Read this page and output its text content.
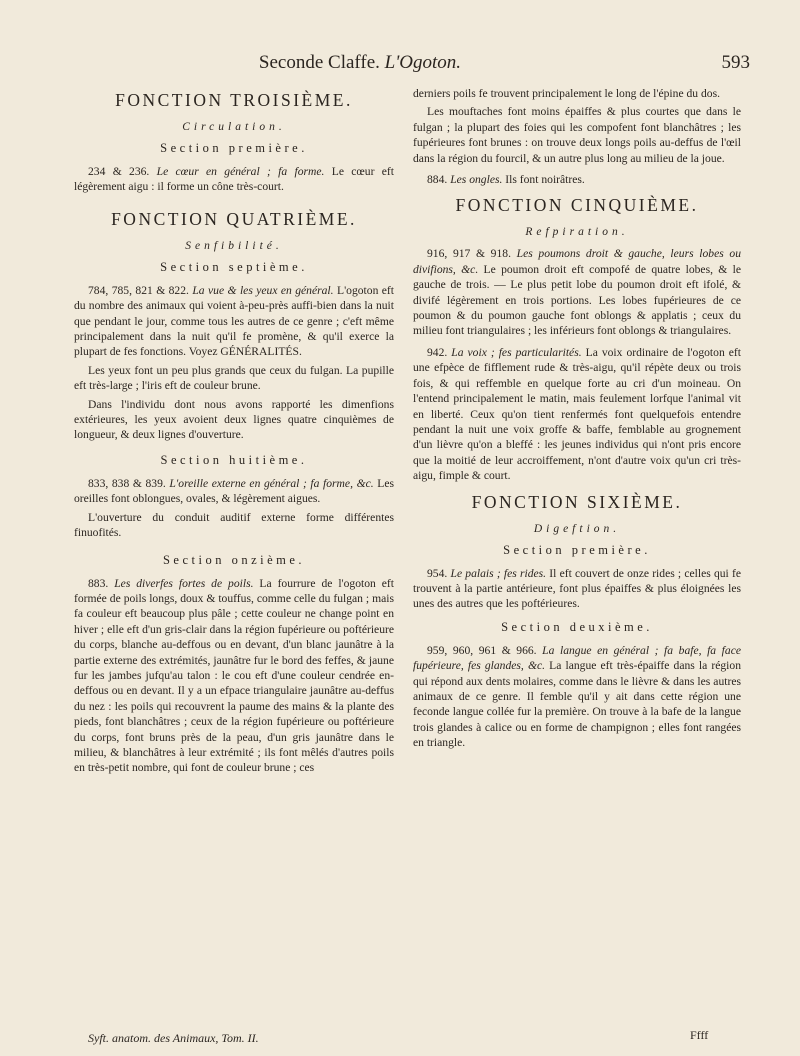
Seconde Claffe. L'Ogoton.	593
FONCTION TROISIÈME.
Circulation.
Section première.

234 & 236. Le cœur en général ; fa forme. Le cœur eft légèrement aigu : il forme un cône très-court.

FONCTION QUATRIÈME.
Senfibilité.
Section septième.

784, 785, 821 & 822. La vue & les yeux en général. L'ogoton eft du nombre des animaux qui voient à-peu-près auffi-bien dans la nuit que pendant le jour, comme tous les autres de ce genre ; c'eft même principalement dans la nuit qu'il fe promène, & qu'il exerce la plupart de fes fonctions. Voyez GÉNÉRALITÉS.

Les yeux font un peu plus grands que ceux du fulgan. La pupille eft très-large ; l'iris eft de couleur brune.

Dans l'individu dont nous avons rapporté les dimenfions extérieures, les yeux avoient deux lignes quatre cinquièmes de longueur, & deux lignes d'ouverture.

Section huitième.

833, 838 & 839. L'oreille externe en général ; fa forme, &c. Les oreilles font oblongues, ovales, & légèrement aigues.

L'ouverture du conduit auditif externe forme différentes finuofités.

Section onzième.

883. Les diverfes fortes de poils. La fourrure de l'ogoton eft formée de poils longs, doux & touffus, comme celle du fulgan ; mais fa couleur eft beaucoup plus pâle ; cette couleur ne change point en hiver ; elle eft d'un gris-clair dans la région fupérieure ou poftérieure du corps, blanche au-deffous ou en devant, d'un blanc jaunâtre à la partie externe des extrémités, jaunâtre fur le bord des feffes, & jaune fur les jambes jufqu'au talon : le cou eft d'une couleur cendrée en-deffous ou en devant. Il y a un efpace triangulaire jaunâtre au-deffus du nez : les poils qui recouvrent la paume des mains & la plante des pieds, font blanchâtres ; ceux de la région fupérieure ou poftérieure du corps, font bruns près de la peau, d'un gris jaunâtre dans le milieu, & blanchâtres à leur extrémité ; ils font mêlés d'autres poils en très-petit nombre, qui font de couleur brune ; ces

derniers poils fe trouvent principalement le long de l'épine du dos.

Les mouftaches font moins épaiffes & plus courtes que dans le fulgan ; la plupart des foies qui les compofent font blanchâtres ; les fupérieures font brunes : on trouve deux longs poils au-deffus de l'œil dans la région du fourcil, & un autre plus long au milieu de la joue.

884. Les ongles. Ils font noirâtres.

FONCTION CINQUIÈME.
Refpiration.

916, 917 & 918. Les poumons droit & gauche, leurs lobes ou divifions, &c. Le poumon droit eft compofé de quatre lobes, & le gauche de trois. — Le plus petit lobe du poumon droit eft ifolé, & divifé légèrement en trois portions. Les lobes fupérieures de ce poumon & du poumon gauche font oblongs & applatis ; ceux du milieu font triangulaires ; les inférieurs font oblongs & triangulaires.

942. La voix ; fes particularités. La voix ordinaire de l'ogoton eft une efpèce de fifflement rude & très-aigu, qu'il répète deux ou trois fois, & qui reffemble en quelque forte au cri d'un moineau. On l'entend principalement le matin, mais feulement lorfque l'animal vit en liberté. Ceux qu'on tient renfermés font quelquefois entendre pendant la nuit une voix groffe & baffe, femblable au grognement d'un lièvre qu'on a bleffé : les jeunes individus qui n'ont pris encore que la moitié de leur accroiffement, n'ont d'autre voix qu'un cri très-aigu, fimple & court.

FONCTION SIXIÈME.
Digeftion.
Section première.

954. Le palais ; fes rides. Il eft couvert de onze rides ; celles qui fe trouvent à la partie antérieure, font plus épaiffes & plus éloignées les unes des autres que les poftérieures.

Section deuxième.

959, 960, 961 & 966. La langue en général ; fa bafe, fa face fupérieure, fes glandes, &c. La langue eft très-épaiffe dans la région qui répond aux dents molaires, comme dans le lièvre & dans les autres animaux de ce genre. Il femble qu'il y ait dans cette région une feconde langue collée fur la première. On trouve à la bafe de la langue trois glandes à calice ou en forme de champignon ; elles font rangées en triangle.

Syft. anatom. des Animaux, Tom. II.	Ffff
